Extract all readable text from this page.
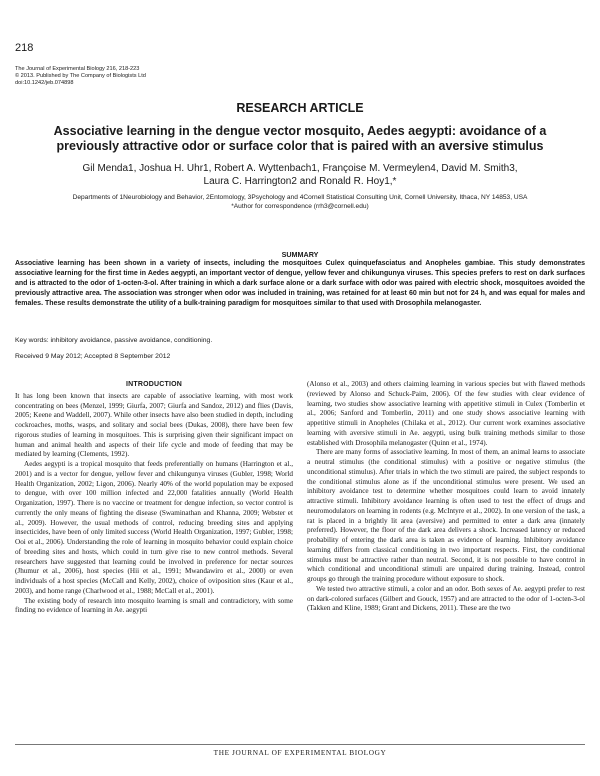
218
The Journal of Experimental Biology 216, 218-223
© 2013. Published by The Company of Biologists Ltd
doi:10.1242/jeb.074898
RESEARCH ARTICLE
Associative learning in the dengue vector mosquito, Aedes aegypti: avoidance of a previously attractive odor or surface color that is paired with an aversive stimulus
Gil Menda1, Joshua H. Uhr1, Robert A. Wyttenbach1, Françoise M. Vermeylen4, David M. Smith3,
Laura C. Harrington2 and Ronald R. Hoy1,*
Departments of 1Neurobiology and Behavior, 2Entomology, 3Psychology and 4Cornell Statistical Consulting Unit, Cornell University, Ithaca, NY 14853, USA
*Author for correspondence (rrh3@cornell.edu)
SUMMARY
Associative learning has been shown in a variety of insects, including the mosquitoes Culex quinquefasciatus and Anopheles gambiae. This study demonstrates associative learning for the first time in Aedes aegypti, an important vector of dengue, yellow fever and chikungunya viruses. This species prefers to rest on dark surfaces and is attracted to the odor of 1-octen-3-ol. After training in which a dark surface alone or a dark surface with odor was paired with electric shock, mosquitoes avoided the previously attractive area. The association was stronger when odor was included in training, was retained for at least 60 min but not for 24 h, and was equal for males and females. These results demonstrate the utility of a bulk-training paradigm for mosquitoes similar to that used with Drosophila melanogaster.
Key words: inhibitory avoidance, passive avoidance, conditioning.
Received 9 May 2012; Accepted 8 September 2012
INTRODUCTION

It has long been known that insects are capable of associative learning, with most work concentrating on bees (Menzel, 1999; Giurfa, 2007; Giurfa and Sandoz, 2012) and flies (Davis, 2005; Keene and Waddell, 2007). While other insects have also been studied in depth, including cockroaches, moths, wasps, and solitary and social bees (Dukas, 2008), there have been few rigorous studies of learning in mosquitoes. This is surprising given their significant impact on human and animal health and aspects of their life cycle and mode of feeding that may be mediated by learning (Clements, 1992).

Aedes aegypti is a tropical mosquito that feeds preferentially on humans (Harrington et al., 2001) and is a vector for dengue, yellow fever and chikungunya viruses (Gubler, 1998; World Health Organization, 2002; Ligon, 2006). Nearly 40% of the world population may be exposed to dengue, with over 100 million infected and 22,000 fatalities annually (World Health Organization, 1997). There is no vaccine or treatment for dengue infection, so vector control is currently the only means of fighting the disease (Swaminathan and Khanna, 2009; Webster et al., 2009). However, the usual methods of control, reducing breeding sites and applying insecticides, have been of only limited success (World Health Organization, 1997; Gubler, 1998; Ooi et al., 2006). Understanding the role of learning in mosquito behavior could explain choice of breeding sites and hosts, which could in turn give rise to new control methods. Several researchers have suggested that learning could be involved in preference for nectar sources (Jhumur et al., 2006), host species (Hii et al., 1991; Mwandawiro et al., 2000) or even individuals of a host species (McCall and Kelly, 2002), choice of oviposition sites (Kaur et al., 2003), and home range (Charlwood et al., 1988; McCall et al., 2001).

The existing body of research into mosquito learning is small and contradictory, with some finding no evidence of learning in Ae. aegypti

(Alonso et al., 2003) and others claiming learning in various species but with flawed methods (reviewed by Alonso and Schuck-Paim, 2006). Of the few studies with clear evidence of learning, two studies show associative learning with appetitive stimuli in Culex (Tomberlin et al., 2006; Sanford and Tomberlin, 2011) and one study shows associative learning with appetitive stimuli in Anopheles (Chilaka et al., 2012). Our current work examines associative learning with aversive stimuli in Ae. aegypti, using bulk training methods similar to those established with Drosophila melanogaster (Quinn et al., 1974).

There are many forms of associative learning. In most of them, an animal learns to associate a neutral stimulus (the conditional stimulus) with a positive or negative stimulus (the unconditional stimulus). After trials in which the two stimuli are paired, the subject responds to the conditional stimulus alone as if the unconditional stimulus were present. We used an inhibitory avoidance test to determine whether mosquitoes could learn to avoid innately attractive stimuli. Inhibitory avoidance learning is often used to test the effect of drugs and neuromodulators on learning in rodents (e.g. McIntyre et al., 2002). In one version of the task, a rat is placed in a brightly lit area (aversive) and permitted to enter a dark area (innately preferred). However, the floor of the dark area delivers a shock. Increased latency or reduced probability of entering the dark area is taken as evidence of learning. Inhibitory avoidance learning differs from classical conditioning in two important respects. First, the conditional stimulus must be attractive rather than neutral. Second, it is not possible to have control in which conditional and unconditional stimuli are unpaired during training. Instead, control groups go through the training procedure without exposure to shock.

We tested two attractive stimuli, a color and an odor. Both sexes of Ae. aegypti prefer to rest on dark-colored surfaces (Gilbert and Gouck, 1957) and are attracted to the odor of 1-octen-3-ol (Takken and Kline, 1989; Grant and Dickens, 2011). These are the two

THE JOURNAL OF EXPERIMENTAL BIOLOGY
